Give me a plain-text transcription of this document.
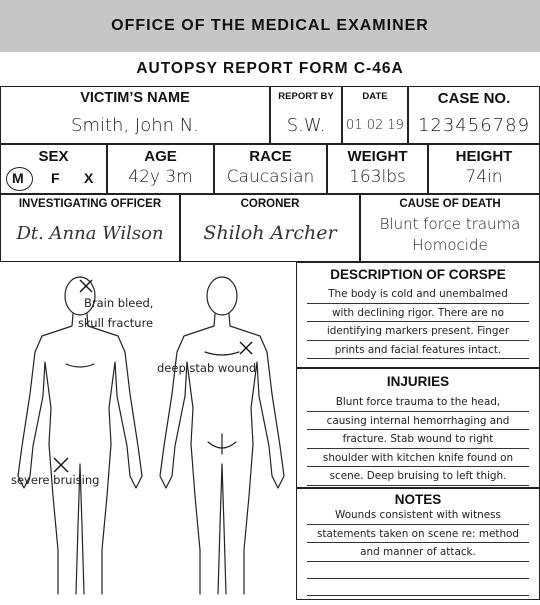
OFFICE OF THE MEDICAL EXAMINER
AUTOPSY REPORT FORM C-46A
VICTIM’S NAME
Smith, John N.
REPORT BY
S.W.
DATE
01 02 19
CASE NO.
123456789
SEX
M F X
AGE
42y 3m
RACE
Caucasian
WEIGHT
163lbs
HEIGHT
74in
INVESTIGATING OFFICER
Dt. Anna Wilson
CORONER
Shiloh Archer
CAUSE OF DEATH
Blunt force trauma
Homocide
Brain bleed,
skull fracture
deep stab wound
severe bruising
DESCRIPTION OF CORSPE
The body is cold and unembalmed
with declining rigor. There are no
identifying markers present. Finger
prints and facial features intact.
INJURIES
Blunt force trauma to the head,
causing internal hemorrhaging and
fracture. Stab wound to right
shoulder with kitchen knife found on
scene. Deep bruising to left thigh.
NOTES
Wounds consistent with witness
statements taken on scene re: method
and manner of attack.
